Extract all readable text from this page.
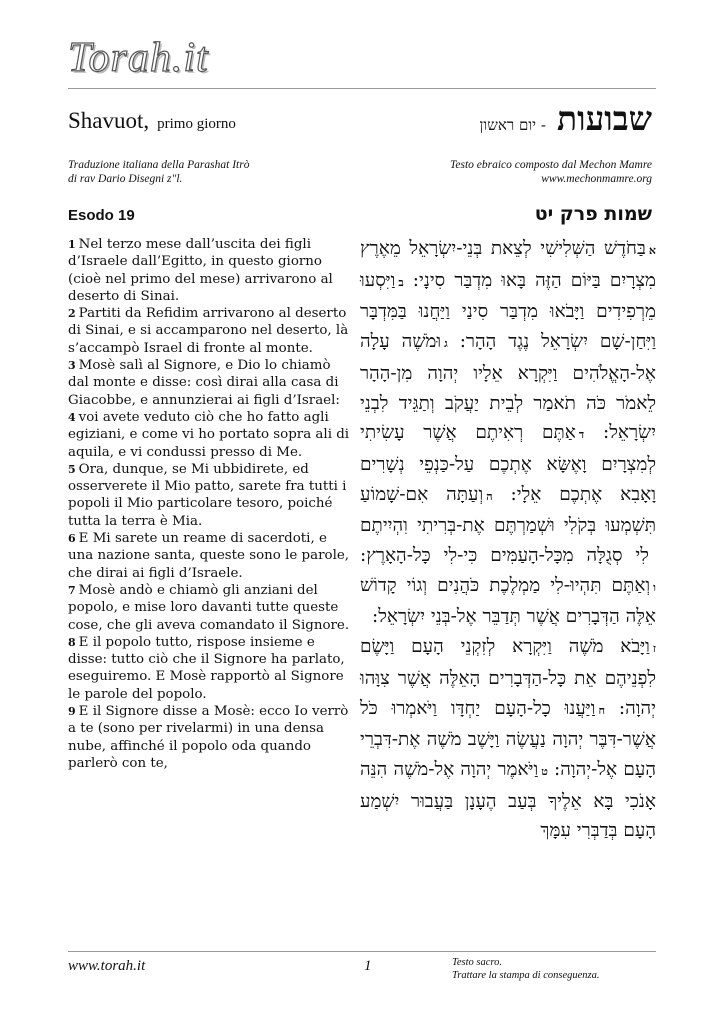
Torah.it
Shavuot, primo giorno	שבועות - יום ראשון
Traduzione italiana della Parashat Itrò
di rav Dario Disegni z"l.
Testo ebraico composto dal Mechon Mamre
www.mechonmamre.org
Esodo 19	שמות פרק יט

1 Nel terzo mese dall’uscita dei figli d’Israele dall’Egitto, in questo giorno (cioè nel primo del mese) arrivarono al deserto di Sinai.

2 Partiti da Refidim arrivarono al deserto di Sinai, e si accamparono nel deserto, là s’accampò Israel di fronte al monte.

3 Mosè salì al Signore, e Dio lo chiamò dal monte e disse: così dirai alla casa di Giacobbe, e annunzierai ai figli d’Israel:

4 voi avete veduto ciò che ho fatto agli egiziani, e come vi ho portato sopra ali di aquila, e vi condussi presso di Me.

5 Ora, dunque, se Mi ubbidirete, ed osserverete il Mio patto, sarete fra tutti i popoli il Mio particolare tesoro, poiché tutta la terra è Mia.

6 E Mi sarete un reame di sacerdoti, e una nazione santa, queste sono le parole, che dirai ai figli d’Israele.

7 Mosè andò e chiamò gli anziani del popolo, e mise loro davanti tutte queste cose, che gli aveva comandato il Signore.

8 E il popolo tutto, rispose insieme e disse: tutto ciò che il Signore ha parlato, eseguiremo. E Mosè rapportò al Signore le parole del popolo.

9 E il Signore disse a Mosè: ecco Io verrò a te (sono per rivelarmi) in una densa nube, affinché il popolo oda quando parlerò con te,

אבַּחֹדֶשׁ הַשְּׁלִישִׁי לְצֵאת בְּנֵי-יִשְׂרָאֵל מֵאֶרֶץ מִצְרָיִם בַּיּוֹם הַזֶּה בָּאוּ מִדְבַּר סִינָי: בוַיִּסְעוּ מֵרְפִידִים וַיָּבֹאוּ מִדְבַּר סִינַי וַיַּחֲנוּ בַּמִּדְבָּר וַיִּחַן-שָׁם יִשְׂרָאֵל נֶגֶד הָהָר: גוּמֹשֶׁה עָלָה אֶל-הָאֱלֹהִים וַיִּקְרָא אֵלָיו יְהוָה מִן-הָהָר לֵאמֹר כֹּה תֹאמַר לְבֵית יַעֲקֹב וְתַגֵּיד לִבְנֵי יִשְׂרָאֵל: דאַתֶּם רְאִיתֶם אֲשֶׁר עָשִׂיתִי לְמִצְרָיִם וָאֶשָּׂא אֶתְכֶם עַל-כַּנְפֵי נְשָׁרִים וָאָבִא אֶתְכֶם אֵלָי: הוְעַתָּה אִם-שָׁמוֹעַ תִּשְׁמְעוּ בְּקֹלִי וּשְׁמַרְתֶּם אֶת-בְּרִיתִי וִהְיִיתֶם לִי סְגֻלָּה מִכָּל-הָעַמִּים כִּי-לִי כָּל-הָאָרֶץ: ווְאַתֶּם תִּהְיוּ-לִי מַמְלֶכֶת כֹּהֲנִים וְגוֹי קָדוֹשׁ אֵלֶּה הַדְּבָרִים אֲשֶׁר תְּדַבֵּר אֶל-בְּנֵי יִשְׂרָאֵל:
זוַיָּבֹא מֹשֶׁה וַיִּקְרָא לְזִקְנֵי הָעָם וַיָּשֶׂם לִפְנֵיהֶם אֵת כָּל-הַדְּבָרִים הָאֵלֶּה אֲשֶׁר צִוָּהוּ יְהוָה: חוַיַּעֲנוּ כָל-הָעָם יַחְדָּו וַיֹּאמְרוּ כֹּל אֲשֶׁר-דִּבֶּר יְהוָה נַעֲשֶׂה וַיָּשֶׁב מֹשֶׁה אֶת-דִּבְרֵי הָעָם אֶל-יְהוָה: טוַיֹּאמֶר יְהוָה אֶל-מֹשֶׁה הִנֵּה אָנֹכִי בָּא אֵלֶיךָ בְּעַב הֶעָנָן בַּעֲבוּר יִשְׁמַע הָעָם בְּדַבְּרִי עִמָּךְ
www.torah.it	1	Testo sacro.
Trattare la stampa di conseguenza.
